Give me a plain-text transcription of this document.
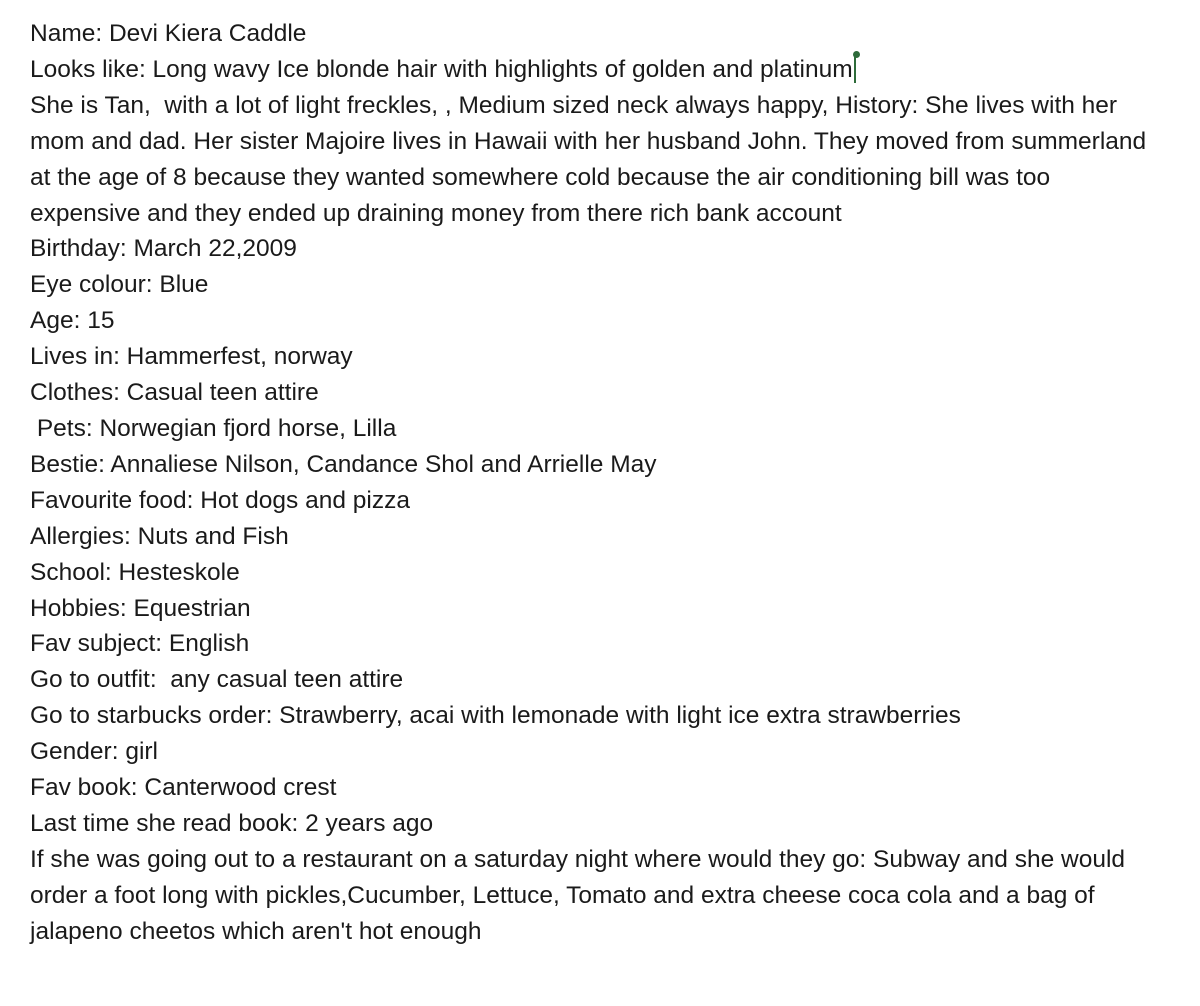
Name: Devi Kiera Caddle

Looks like: Long wavy Ice blonde hair with highlights of golden and platinum

She is Tan,  with a lot of light freckles, , Medium sized neck always happy, History: She lives with her mom and dad. Her sister Majoire lives in Hawaii with her husband John. They moved from summerland at the age of 8 because they wanted somewhere cold because the air conditioning bill was too expensive and they ended up draining money from there rich bank account

Birthday: March 22,2009

Eye colour: Blue

Age: 15

Lives in: Hammerfest, norway

Clothes: Casual teen attire

Pets: Norwegian fjord horse, Lilla

Bestie: Annaliese Nilson, Candance Shol and Arrielle May

Favourite food: Hot dogs and pizza

Allergies: Nuts and Fish

School: Hesteskole

Hobbies: Equestrian

Fav subject: English

Go to outfit:  any casual teen attire

Go to starbucks order: Strawberry, acai with lemonade with light ice extra strawberries

Gender: girl

Fav book: Canterwood crest

Last time she read book: 2 years ago

If she was going out to a restaurant on a saturday night where would they go: Subway and she would order a foot long with pickles,Cucumber, Lettuce, Tomato and extra cheese coca cola and a bag of jalapeno cheetos which aren't hot enough
